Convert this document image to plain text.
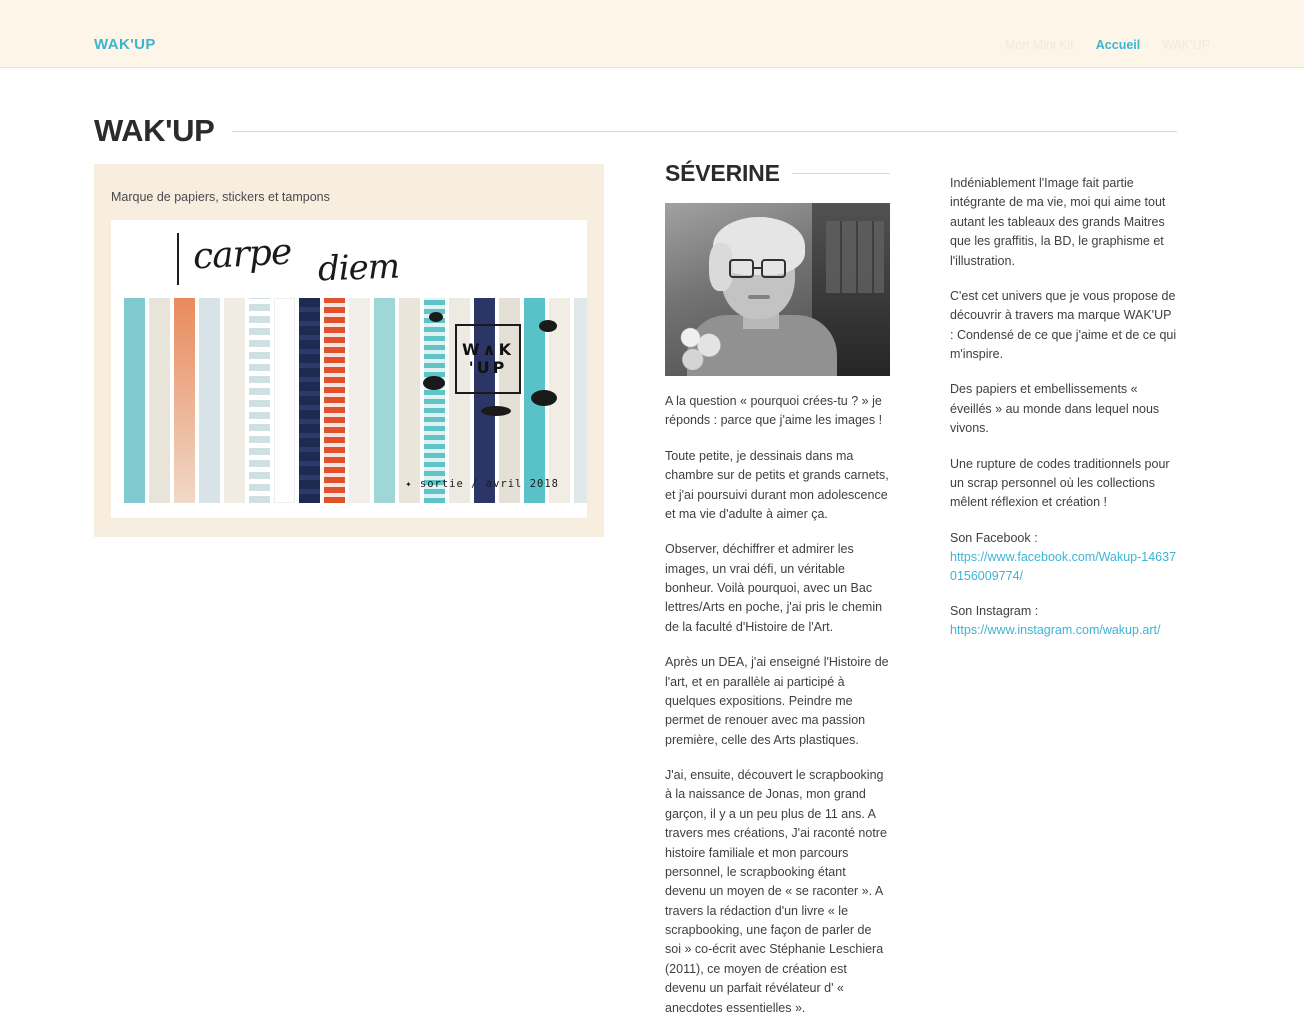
WAK'UP	Mon Mini Kit Accueil WAK'UP
WAK'UP
Marque de papiers, stickers et tampons
carpe diem
W∧K
'UP
✦ sortie / avril 2018
SÉVERINE

A la question « pourquoi crées-tu ? » je réponds : parce que j'aime les images !

Toute petite, je dessinais dans ma chambre sur de petits et grands carnets, et j'ai poursuivi durant mon adolescence et ma vie d'adulte à aimer ça.

Observer, déchiffrer et admirer les images, un vrai défi, un véritable bonheur. Voilà pourquoi, avec un Bac lettres/Arts en poche, j'ai pris le chemin de la faculté d'Histoire de l'Art.

Après un DEA, j'ai enseigné l'Histoire de l'art, et en parallèle ai participé à quelques expositions. Peindre me permet de renouer avec ma passion première, celle des Arts plastiques.

J'ai, ensuite, découvert le scrapbooking à la naissance de Jonas, mon grand garçon, il y a un peu plus de 11 ans. A travers mes créations, J'ai raconté notre histoire familiale et mon parcours personnel, le scrapbooking étant devenu un moyen de « se raconter ». A travers la rédaction d'un livre « le scrapbooking, une façon de parler de soi » co-écrit avec Stéphanie Leschiera (2011), ce moyen de création est devenu un parfait révélateur d' « anecdotes essentielles ».

Indéniablement l'Image fait partie intégrante de ma vie, moi qui aime tout autant les tableaux des grands Maitres que les graffitis, la BD, le graphisme et l'illustration.

C'est cet univers que je vous propose de découvrir à travers ma marque WAK'UP : Condensé de ce que j'aime et de ce qui m'inspire.

Des papiers et embellissements « éveillés » au monde dans lequel nous vivons.

Une rupture de codes traditionnels pour un scrap personnel où les collections mêlent réflexion et création !

Son Facebook :

https://www.facebook.com/Wakup-146370156009774/

Son Instagram :

https://www.instagram.com/wakup.art/
